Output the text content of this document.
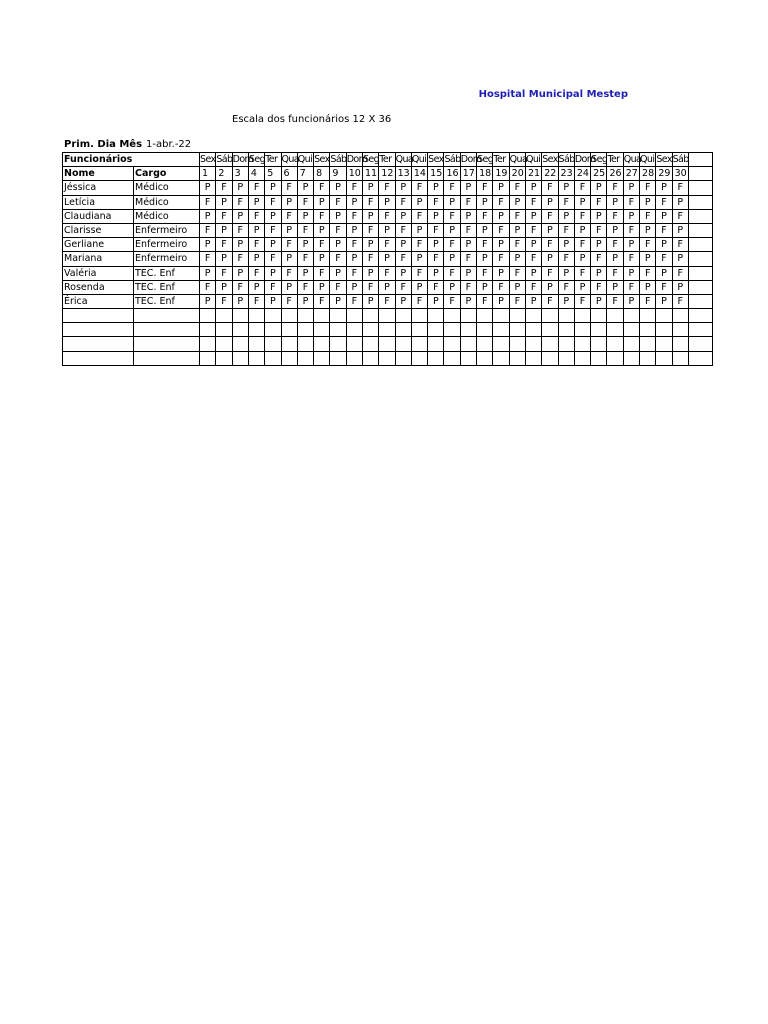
Hospital Municipal Mestep
Escala dos funcionários 12 X 36
Prim. Dia Mês 1-abr.-22
Funcionários		Sex	Sáb	Dom	Seg	Ter	Qua	Qui	Sex	Sáb	Dom	Seg	Ter	Qua	Qui	Sex	Sáb	Dom	Seg	Ter	Qua	Qui	Sex	Sáb	Dom	Seg	Ter	Qua	Qui	Sex	Sáb	
Nome	Cargo	1	2	3	4	5	6	7	8	9	10	11	12	13	14	15	16	17	18	19	20	21	22	23	24	25	26	27	28	29	30	
Jéssica	Médico	P	F	P	F	P	F	P	F	P	F	P	F	P	F	P	F	P	F	P	F	P	F	P	F	P	F	P	F	P	F	
Letícia	Médico	F	P	F	P	F	P	F	P	F	P	F	P	F	P	F	P	F	P	F	P	F	P	F	P	F	P	F	P	F	P	
Claudiana	Médico	P	F	P	F	P	F	P	F	P	F	P	F	P	F	P	F	P	F	P	F	P	F	P	F	P	F	P	F	P	F	
Clarisse	Enfermeiro	F	P	F	P	F	P	F	P	F	P	F	P	F	P	F	P	F	P	F	P	F	P	F	P	F	P	F	P	F	P	
Gerliane	Enfermeiro	P	F	P	F	P	F	P	F	P	F	P	F	P	F	P	F	P	F	P	F	P	F	P	F	P	F	P	F	P	F	
Mariana	Enfermeiro	F	P	F	P	F	P	F	P	F	P	F	P	F	P	F	P	F	P	F	P	F	P	F	P	F	P	F	P	F	P	
Valéria	TEC. Enf	P	F	P	F	P	F	P	F	P	F	P	F	P	F	P	F	P	F	P	F	P	F	P	F	P	F	P	F	P	F	
Rosenda	TEC. Enf	F	P	F	P	F	P	F	P	F	P	F	P	F	P	F	P	F	P	F	P	F	P	F	P	F	P	F	P	F	P	
Érica	TEC. Enf	P	F	P	F	P	F	P	F	P	F	P	F	P	F	P	F	P	F	P	F	P	F	P	F	P	F	P	F	P	F	
